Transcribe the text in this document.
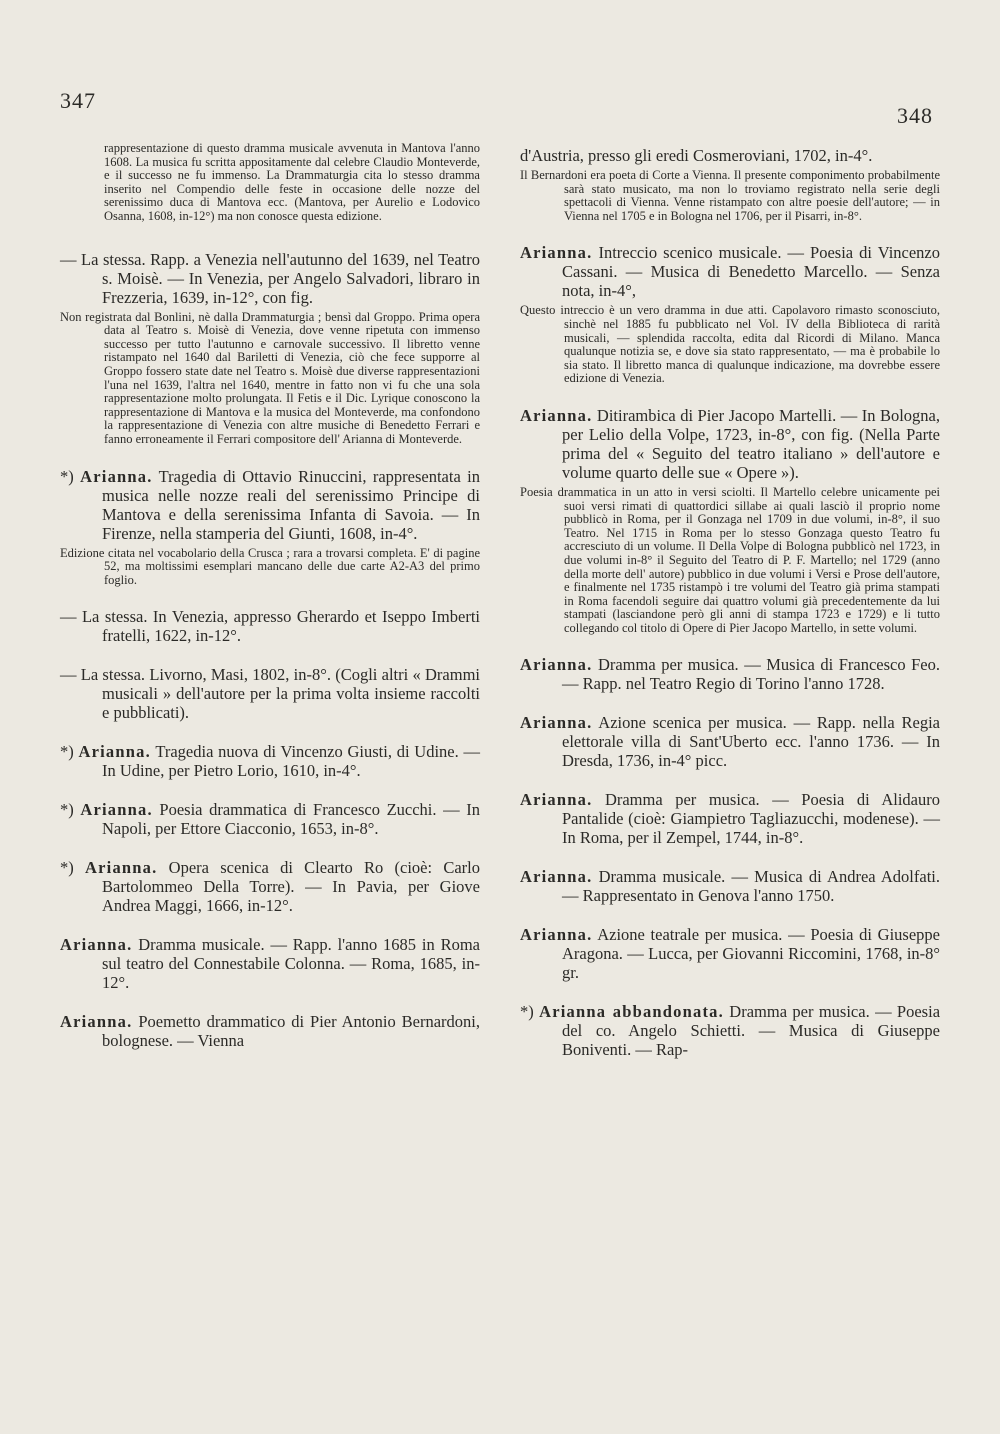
347
348

rappresentazione di questo dramma musicale avvenuta in Mantova l'anno 1608. La musica fu scritta appositamente dal celebre Claudio Monteverde, e il successo ne fu immenso. La Drammaturgia cita lo stesso dramma inserito nel Compendio delle feste in occasione delle nozze del serenissimo duca di Mantova ecc. (Mantova, per Aurelio e Lodovico Osanna, 1608, in-12°) ma non conosce questa edizione.

— La stessa. Rapp. a Venezia nell'autunno del 1639, nel Teatro s. Moisè. — In Venezia, per Angelo Salvadori, libraro in Frezzeria, 1639, in-12°, con fig.

Non registrata dal Bonlini, nè dalla Drammaturgia ; bensì dal Groppo. Prima opera data al Teatro s. Moisè di Venezia, dove venne ripetuta con immenso successo per tutto l'autunno e carnovale successivo. Il libretto venne ristampato nel 1640 dal Bariletti di Venezia, ciò che fece supporre al Groppo fossero state date nel Teatro s. Moisè due diverse rappresentazioni l'una nel 1639, l'altra nel 1640, mentre in fatto non vi fu che una sola rappresentazione molto prolungata. Il Fetis e il Dic. Lyrique conoscono la rappresentazione di Mantova e la musica del Monteverde, ma confondono la rappresentazione di Venezia con altre musiche di Benedetto Ferrari e fanno erroneamente il Ferrari compositore dell' Arianna di Monteverde.

*) Arianna. Tragedia di Ottavio Rinuccini, rappresentata in musica nelle nozze reali del serenissimo Principe di Mantova e della serenissima Infanta di Savoia. — In Firenze, nella stamperia del Giunti, 1608, in-4°.

Edizione citata nel vocabolario della Crusca ; rara a trovarsi completa. E' di pagine 52, ma moltissimi esemplari mancano delle due carte A2-A3 del primo foglio.

— La stessa. In Venezia, appresso Gherardo et Iseppo Imberti fratelli, 1622, in-12°.

— La stessa. Livorno, Masi, 1802, in-8°. (Cogli altri « Drammi musicali » dell'autore per la prima volta insieme raccolti e pubblicati).

*) Arianna. Tragedia nuova di Vincenzo Giusti, di Udine. — In Udine, per Pietro Lorio, 1610, in-4°.

*) Arianna. Poesia drammatica di Francesco Zucchi. — In Napoli, per Ettore Ciacconio, 1653, in-8°.

*) Arianna. Opera scenica di Cleartо Ro (cioè: Carlo Bartolommeo Della Torre). — In Pavia, per Giove Andrea Maggi, 1666, in-12°.

Arianna. Dramma musicale. — Rapp. l'anno 1685 in Roma sul teatro del Connestabile Colonna. — Roma, 1685, in-12°.

Arianna. Poemetto drammatico di Pier Antonio Bernardoni, bolognese. — Vienna

d'Austria, presso gli eredi Cosmeroviani, 1702, in-4°.

Il Bernardoni era poeta di Corte a Vienna. Il presente componimento probabilmente sarà stato musicato, ma non lo troviamo registrato nella serie degli spettacoli di Vienna. Venne ristampato con altre poesie dell'autore; — in Vienna nel 1705 e in Bologna nel 1706, per il Pisarri, in-8°.

Arianna. Intreccio scenico musicale. — Poesia di Vincenzo Cassani. — Musica di Benedetto Marcello. — Senza nota, in-4°,

Questo intreccio è un vero dramma in due atti. Capolavoro rimasto sconosciuto, sinchè nel 1885 fu pubblicato nel Vol. IV della Biblioteca di rarità musicali, — splendida raccolta, edita dal Ricordi di Milano. Manca qualunque notizia se, e dove sia stato rappresentato, — ma è probabile lo sia stato. Il libretto manca di qualunque indicazione, ma dovrebbe essere edizione di Venezia.

Arianna. Ditirambica di Pier Jacopo Martelli. — In Bologna, per Lelio della Volpe, 1723, in-8°, con fig. (Nella Parte prima del « Seguito del teatro italiano » dell'autore e volume quarto delle sue « Opere »).

Poesia drammatica in un atto in versi sciolti. Il Martello celebre unicamente pei suoi versi rimati di quattordici sillabe ai quali lasciò il proprio nome pubblicò in Roma, per il Gonzaga nel 1709 in due volumi, in-8°, il suo Teatro. Nel 1715 in Roma per lo stesso Gonzaga questo Teatro fu accresciuto di un volume. Il Della Volpe di Bologna pubblicò nel 1723, in due volumi in-8° il Seguito del Teatro di P. F. Martello; nel 1729 (anno della morte dell' autore) pubblico in due volumi i Versi e Prose dell'autore, e finalmente nel 1735 ristampò i tre volumi del Teatro già prima stampati in Roma facendoli seguire dai quattro volumi già precedentemente da lui stampati (lasciandone però gli anni di stampa 1723 e 1729) e li tutto collegando col titolo di Opere di Pier Jacopo Martello, in sette volumi.

Arianna. Dramma per musica. — Musica di Francesco Feo. — Rapp. nel Teatro Regio di Torino l'anno 1728.

Arianna. Azione scenica per musica. — Rapp. nella Regia elettorale villa di Sant'Uberto ecc. l'anno 1736. — In Dresda, 1736, in-4° picc.

Arianna. Dramma per musica. — Poesia di Alidauro Pantalide (cioè: Giampietro Tagliazucchi, modenese). — In Roma, per il Zempel, 1744, in-8°.

Arianna. Dramma musicale. — Musica di Andrea Adolfati. — Rappresentato in Genova l'anno 1750.

Arianna. Azione teatrale per musica. — Poesia di Giuseppe Aragona. — Lucca, per Giovanni Riccomini, 1768, in-8° gr.

*) Arianna abbandonata. Dramma per musica. — Poesia del co. Angelo Schietti. — Musica di Giuseppe Boniventi. — Rap-
